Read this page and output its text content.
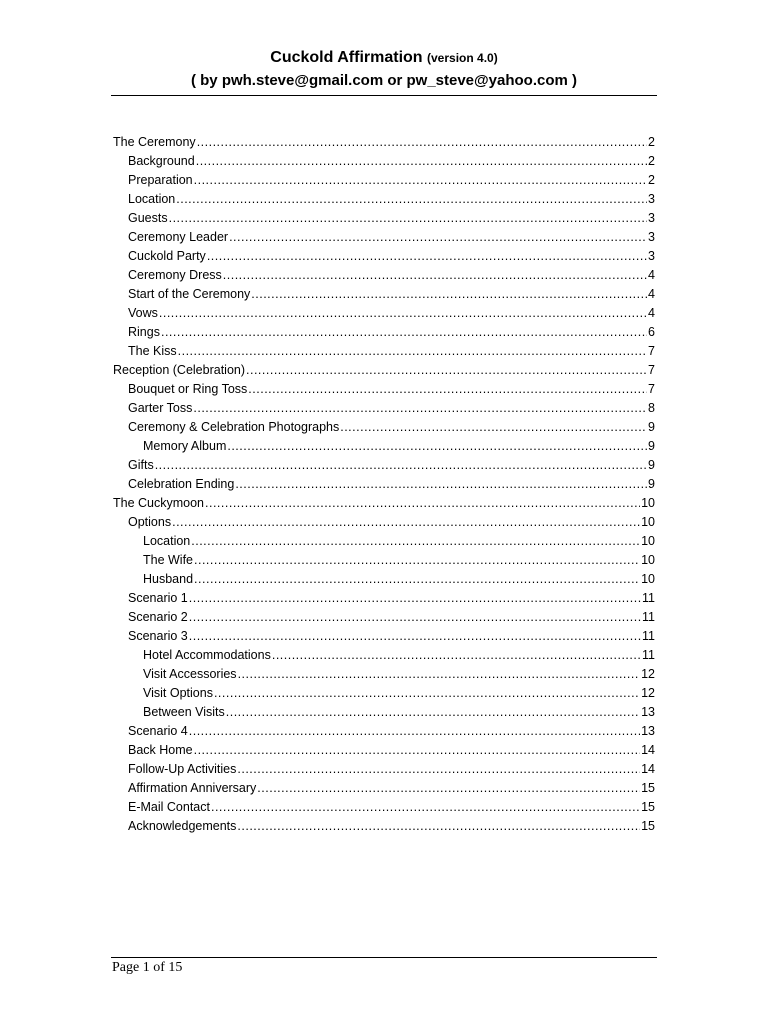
Cuckold Affirmation (version 4.0)
( by pwh.steve@gmail.com or pw_steve@yahoo.com )
The Ceremony .....	2
Background .....	2
Preparation .....	2
Location .....	3
Guests .....	3
Ceremony Leader .....	3
Cuckold Party .....	3
Ceremony Dress .....	4
Start of the Ceremony .....	4
Vows .....	4
Rings .....	6
The Kiss .....	7
Reception (Celebration) .....	7
Bouquet or Ring Toss .....	7
Garter Toss .....	8
Ceremony & Celebration Photographs .....	9
Memory Album .....	9
Gifts .....	9
Celebration Ending .....	9
The Cuckymoon .....	10
Options .....	10
Location .....	10
The Wife .....	10
Husband .....	10
Scenario 1 .....	11
Scenario 2 .....	11
Scenario 3 .....	11
Hotel Accommodations .....	11
Visit Accessories .....	12
Visit Options .....	12
Between Visits .....	13
Scenario 4 .....	13
Back Home .....	14
Follow-Up Activities .....	14
Affirmation Anniversary .....	15
E-Mail Contact .....	15
Acknowledgements .....	15
Page 1 of 15
